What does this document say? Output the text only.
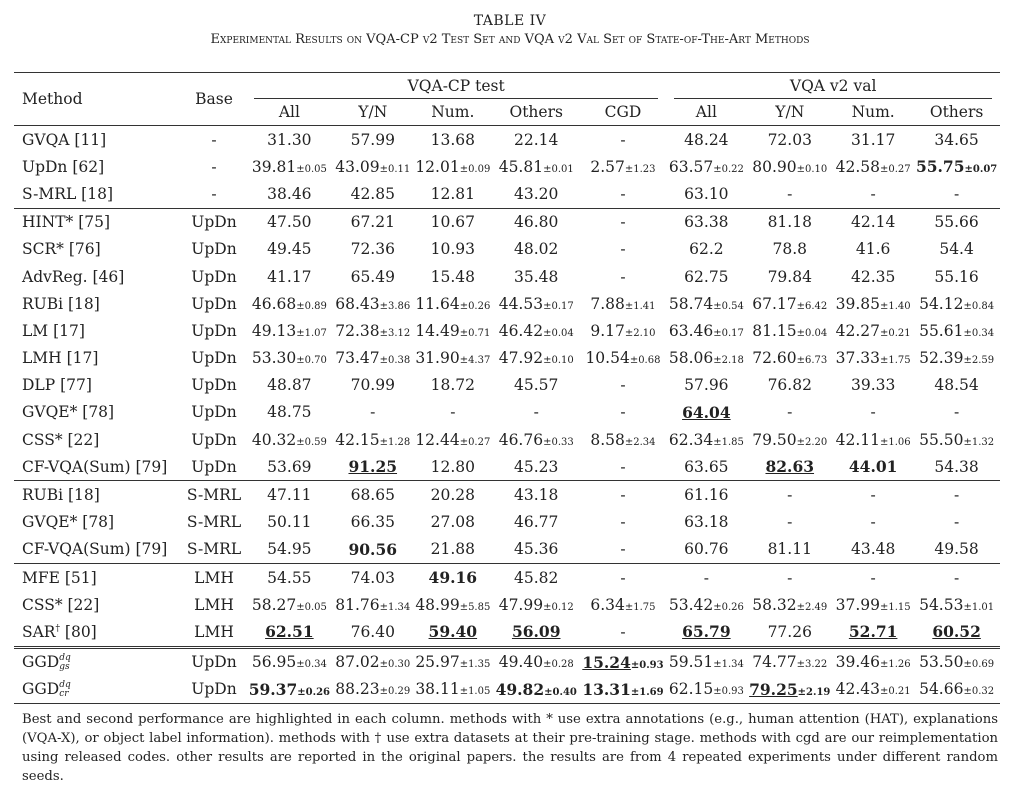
TABLE IV
Experimental Results on VQA-CP v2 Test Set and VQA v2 Val Set of State-of-The-Art Methods
Method	Base	VQA-CP test					VQA v2 val			

		All	Y/N	Num.	Others	CGD	All	Y/N	Num.	Others
GVQA [11]	-	31.30	57.99	13.68	22.14	-	48.24	72.03	31.17	34.65
UpDn [62]	-	39.81±0.05	43.09±0.11	12.01±0.09	45.81±0.01	2.57±1.23	63.57±0.22	80.90±0.10	42.58±0.27	55.75±0.07
S-MRL [18]	-	38.46	42.85	12.81	43.20	-	63.10	-	-	-
HINT* [75]	UpDn	47.50	67.21	10.67	46.80	-	63.38	81.18	42.14	55.66
SCR* [76]	UpDn	49.45	72.36	10.93	48.02	-	62.2	78.8	41.6	54.4
AdvReg. [46]	UpDn	41.17	65.49	15.48	35.48	-	62.75	79.84	42.35	55.16
RUBi [18]	UpDn	46.68±0.89	68.43±3.86	11.64±0.26	44.53±0.17	7.88±1.41	58.74±0.54	67.17±6.42	39.85±1.40	54.12±0.84
LM [17]	UpDn	49.13±1.07	72.38±3.12	14.49±0.71	46.42±0.04	9.17±2.10	63.46±0.17	81.15±0.04	42.27±0.21	55.61±0.34
LMH [17]	UpDn	53.30±0.70	73.47±0.38	31.90±4.37	47.92±0.10	10.54±0.68	58.06±2.18	72.60±6.73	37.33±1.75	52.39±2.59
DLP [77]	UpDn	48.87	70.99	18.72	45.57	-	57.96	76.82	39.33	48.54
GVQE* [78]	UpDn	48.75	-	-	-	-	64.04	-	-	-
CSS* [22]	UpDn	40.32±0.59	42.15±1.28	12.44±0.27	46.76±0.33	8.58±2.34	62.34±1.85	79.50±2.20	42.11±1.06	55.50±1.32
CF-VQA(Sum) [79]	UpDn	53.69	91.25	12.80	45.23	-	63.65	82.63	44.01	54.38
RUBi [18]	S-MRL	47.11	68.65	20.28	43.18	-	61.16	-	-	-
GVQE* [78]	S-MRL	50.11	66.35	27.08	46.77	-	63.18	-	-	-
CF-VQA(Sum) [79]	S-MRL	54.95	90.56	21.88	45.36	-	60.76	81.11	43.48	49.58
MFE [51]	LMH	54.55	74.03	49.16	45.82	-	-	-	-	-
CSS* [22]	LMH	58.27±0.05	81.76±1.34	48.99±5.85	47.99±0.12	6.34±1.75	53.42±0.26	58.32±2.49	37.99±1.15	54.53±1.01
SAR† [80]	LMH	62.51	76.40	59.40	56.09	-	65.79	77.26	52.71	60.52
GGD dq
gs	UpDn	56.95±0.34	87.02±0.30	25.97±1.35	49.40±0.28	15.24±0.93	59.51±1.34	74.77±3.22	39.46±1.26	53.50±0.69
GGD dq
cr	UpDn	59.37±0.26	88.23±0.29	38.11±1.05	49.82±0.40	13.31±1.69	62.15±0.93	79.25±2.19	42.43±0.21	54.66±0.32
Best and second performance are highlighted in each column. methods with * use extra annotations (e.g., human attention (HAT), explanations (VQA-X), or object label information). methods with † use extra datasets at their pre-training stage. methods with cgd are our reimplementation using released codes. other results are reported in the original papers. the results are from 4 repeated experiments under different random seeds.
